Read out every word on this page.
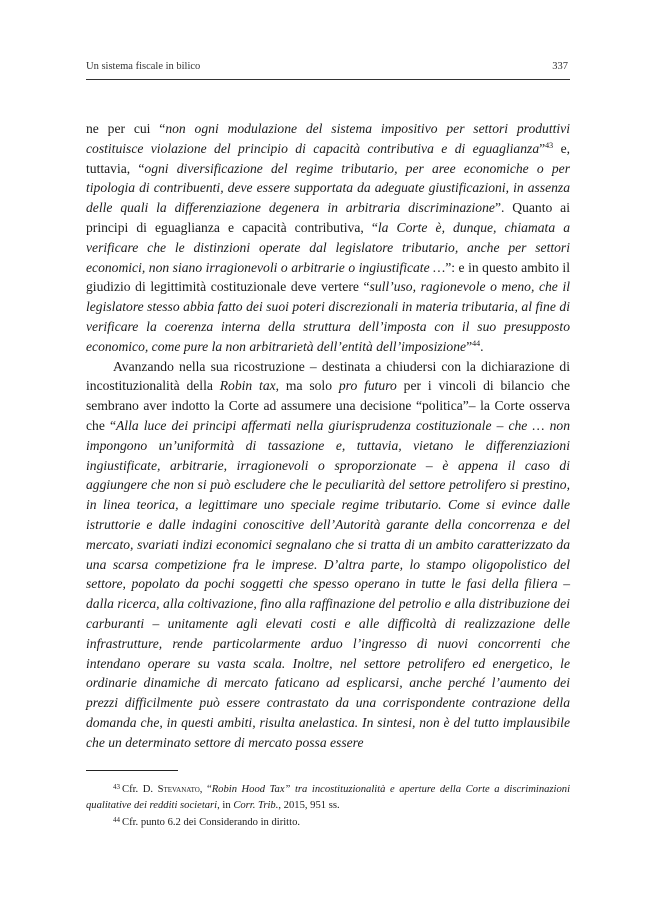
Un sistema fiscale in bilico	337

ne per cui “non ogni modulazione del sistema impositivo per settori produttivi costituisce violazione del principio di capacità contributiva e di eguaglianza”$^{43}$ e, tuttavia, “ogni diversificazione del regime tributario, per aree economiche o per tipologia di contribuenti, deve essere supportata da adeguate giustificazioni, in assenza delle quali la differenziazione degenera in arbitraria discriminazione”. Quanto ai principi di eguaglianza e capacità contributiva, “la Corte è, dunque, chiamata a verificare che le distinzioni operate dal legislatore tributario, anche per settori economici, non siano irragionevoli o arbitrarie o ingiustificate …”: e in questo ambito il giudizio di legittimità costituzionale deve vertere “sull’uso, ragionevole o meno, che il legislatore stesso abbia fatto dei suoi poteri discrezionali in materia tributaria, al fine di verificare la coerenza interna della struttura dell’imposta con il suo presupposto economico, come pure la non arbitrarietà dell’entità dell’imposizione”$^{44}$.

Avanzando nella sua ricostruzione – destinata a chiudersi con la dichiarazione di incostituzionalità della Robin tax, ma solo pro futuro per i vincoli di bilancio che sembrano aver indotto la Corte ad assumere una decisione “politica”– la Corte osserva che “Alla luce dei principi affermati nella giurisprudenza costituzionale – che … non impongono un’uniformità di tassazione e, tuttavia, vietano le differenziazioni ingiustificate, arbitrarie, irragionevoli o sproporzionate – è appena il caso di aggiungere che non si può escludere che le peculiarità del settore petrolifero si prestino, in linea teorica, a legittimare uno speciale regime tributario. Come si evince dalle istruttorie e dalle indagini conoscitive dell’Autorità garante della concorrenza e del mercato, svariati indizi economici segnalano che si tratta di un ambito caratterizzato da una scarsa competizione fra le imprese. D’altra parte, lo stampo oligopolistico del settore, popolato da pochi soggetti che spesso operano in tutte le fasi della filiera – dalla ricerca, alla coltivazione, fino alla raffinazione del petrolio e alla distribuzione dei carburanti – unitamente agli elevati costi e alle difficoltà di realizzazione delle infrastrutture, rende particolarmente arduo l’ingresso di nuovi concorrenti che intendano operare su vasta scala. Inoltre, nel settore petrolifero ed energetico, le ordinarie dinamiche di mercato faticano ad esplicarsi, anche perché l’aumento dei prezzi difficilmente può essere contrastato da una corrispondente contrazione della domanda che, in questi ambiti, risulta anelastica. In sintesi, non è del tutto implausibile che un determinato settore di mercato possa essere

$^{43}$ Cfr. D. Stevanato, “Robin Hood Tax” tra incostituzionalità e aperture della Corte a discriminazioni qualitative dei redditi societari, in Corr. Trib., 2015, 951 ss.

$^{44}$ Cfr. punto 6.2 dei Considerando in diritto.
